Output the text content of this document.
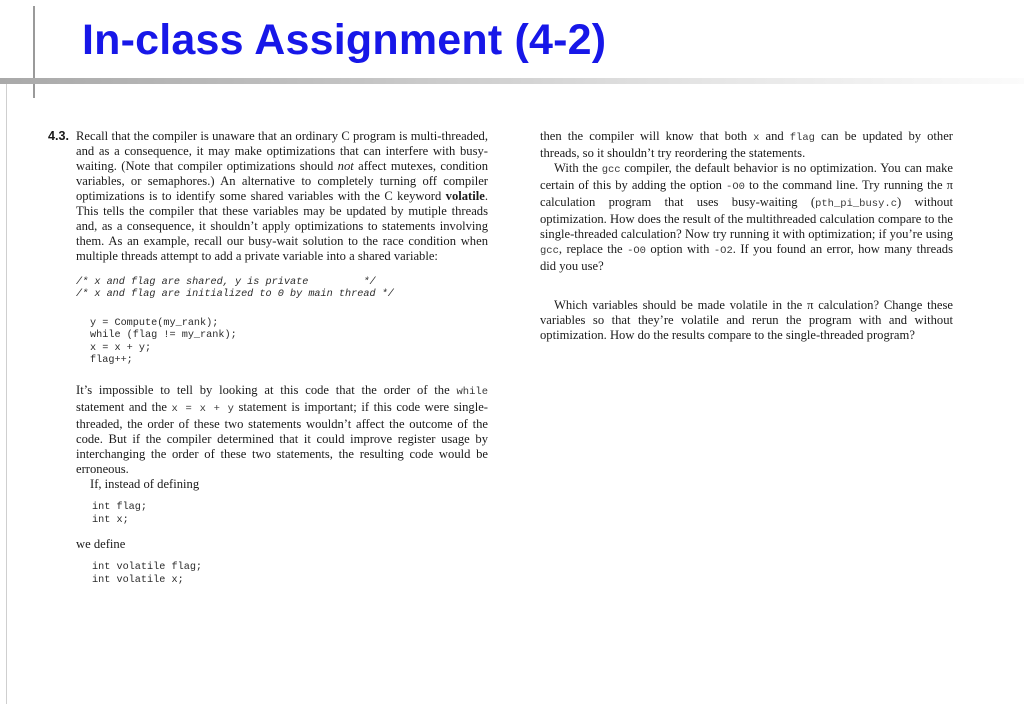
In-class Assignment (4-2)
4.3. Recall that the compiler is unaware that an ordinary C program is multi-threaded, and as a consequence, it may make optimizations that can interfere with busy-waiting. (Note that compiler optimizations should not affect mutexes, condition variables, or semaphores.) An alternative to completely turning off compiler optimizations is to identify some shared variables with the C keyword volatile. This tells the compiler that these variables may be updated by mutiple threads and, as a consequence, it shouldn’t apply optimizations to statements involving them. As an example, recall our busy-wait solution to the race condition when multiple threads attempt to add a private variable into a shared variable:

/* x and flag are shared, y is private         */
/* x and flag are initialized to 0 by main thread */
y = Compute(my_rank);
while (flag != my_rank);
x = x + y;
flag++;

It’s impossible to tell by looking at this code that the order of the while statement and the x = x + y statement is important; if this code were single-threaded, the order of these two statements wouldn’t affect the outcome of the code. But if the compiler determined that it could improve register usage by interchanging the order of these two statements, the resulting code would be erroneous.

If, instead of defining

int flag;
int x;

we define

int volatile flag;
int volatile x;

then the compiler will know that both x and flag can be updated by other threads, so it shouldn’t try reordering the statements.

With the gcc compiler, the default behavior is no optimization. You can make certain of this by adding the option -O0 to the command line. Try running the π calculation program that uses busy-waiting (pth_pi_busy.c) without optimization. How does the result of the multithreaded calculation compare to the single-threaded calculation? Now try running it with optimization; if you’re using gcc, replace the -O0 option with -O2. If you found an error, how many threads did you use?

Which variables should be made volatile in the π calculation? Change these variables so that they’re volatile and rerun the program with and without optimization. How do the results compare to the single-threaded program?
